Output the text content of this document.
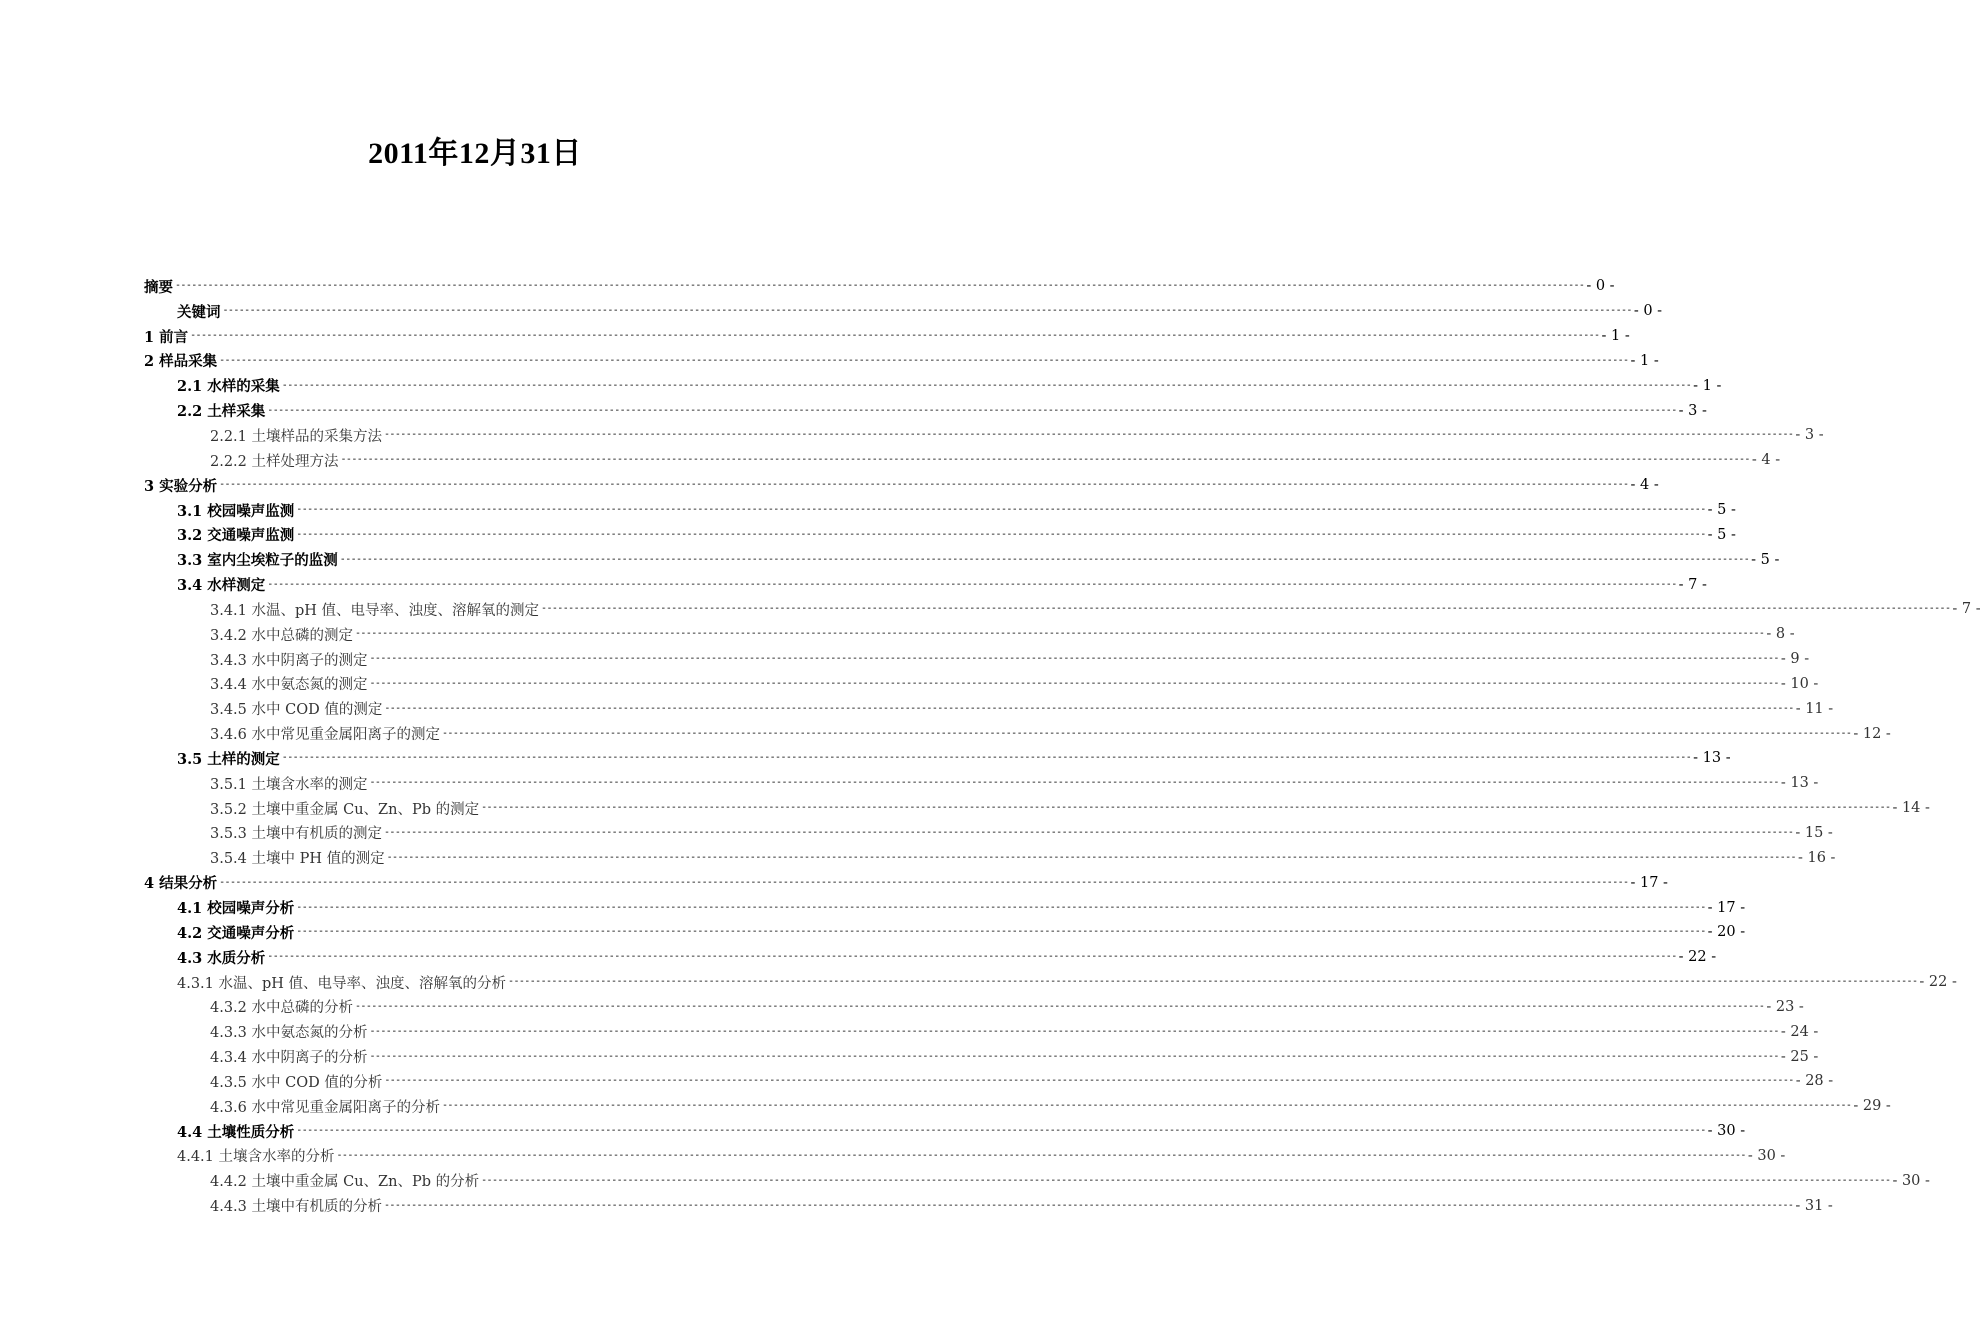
2011年12月31日
摘要 -------------------------------------------------------------------------------------------------------------------------------------------------------------------------------------------------------------------------------------------------------------------- - 0 -
关键词 -------------------------------------------------------------------------------------------------------------------------------------------------------------------------------------------------------------------------------------------------------------------- - 0 -
1 前言 -------------------------------------------------------------------------------------------------------------------------------------------------------------------------------------------------------------------------------------------------------------------- - 1 -
2 样品采集 -------------------------------------------------------------------------------------------------------------------------------------------------------------------------------------------------------------------------------------------------------------------- - 1 -
2.1 水样的采集 -------------------------------------------------------------------------------------------------------------------------------------------------------------------------------------------------------------------------------------------------------------------- - 1 -
2.2 土样采集 -------------------------------------------------------------------------------------------------------------------------------------------------------------------------------------------------------------------------------------------------------------------- - 3 -
2.2.1 土壤样品的采集方法 -------------------------------------------------------------------------------------------------------------------------------------------------------------------------------------------------------------------------------------------------------------------- - 3 -
2.2.2 土样处理方法 -------------------------------------------------------------------------------------------------------------------------------------------------------------------------------------------------------------------------------------------------------------------- - 4 -
3 实验分析 -------------------------------------------------------------------------------------------------------------------------------------------------------------------------------------------------------------------------------------------------------------------- - 4 -
3.1 校园噪声监测 -------------------------------------------------------------------------------------------------------------------------------------------------------------------------------------------------------------------------------------------------------------------- - 5 -
3.2 交通噪声监测 -------------------------------------------------------------------------------------------------------------------------------------------------------------------------------------------------------------------------------------------------------------------- - 5 -
3.3 室内尘埃粒子的监测 -------------------------------------------------------------------------------------------------------------------------------------------------------------------------------------------------------------------------------------------------------------------- - 5 -
3.4 水样测定 -------------------------------------------------------------------------------------------------------------------------------------------------------------------------------------------------------------------------------------------------------------------- - 7 -
3.4.1 水温、pH 值、电导率、浊度、溶解氧的测定 -------------------------------------------------------------------------------------------------------------------------------------------------------------------------------------------------------------------------------------------------------------------- - 7 -
3.4.2 水中总磷的测定 -------------------------------------------------------------------------------------------------------------------------------------------------------------------------------------------------------------------------------------------------------------------- - 8 -
3.4.3 水中阴离子的测定 -------------------------------------------------------------------------------------------------------------------------------------------------------------------------------------------------------------------------------------------------------------------- - 9 -
3.4.4 水中氨态氮的测定 -------------------------------------------------------------------------------------------------------------------------------------------------------------------------------------------------------------------------------------------------------------------- - 10 -
3.4.5 水中 COD 值的测定 -------------------------------------------------------------------------------------------------------------------------------------------------------------------------------------------------------------------------------------------------------------------- - 11 -
3.4.6 水中常见重金属阳离子的测定 -------------------------------------------------------------------------------------------------------------------------------------------------------------------------------------------------------------------------------------------------------------------- - 12 -
3.5 土样的测定 -------------------------------------------------------------------------------------------------------------------------------------------------------------------------------------------------------------------------------------------------------------------- - 13 -
3.5.1 土壤含水率的测定 -------------------------------------------------------------------------------------------------------------------------------------------------------------------------------------------------------------------------------------------------------------------- - 13 -
3.5.2 土壤中重金属 Cu、Zn、Pb 的测定 -------------------------------------------------------------------------------------------------------------------------------------------------------------------------------------------------------------------------------------------------------------------- - 14 -
3.5.3 土壤中有机质的测定 -------------------------------------------------------------------------------------------------------------------------------------------------------------------------------------------------------------------------------------------------------------------- - 15 -
3.5.4 土壤中 PH 值的测定 -------------------------------------------------------------------------------------------------------------------------------------------------------------------------------------------------------------------------------------------------------------------- - 16 -
4 结果分析 -------------------------------------------------------------------------------------------------------------------------------------------------------------------------------------------------------------------------------------------------------------------- - 17 -
4.1 校园噪声分析 -------------------------------------------------------------------------------------------------------------------------------------------------------------------------------------------------------------------------------------------------------------------- - 17 -
4.2 交通噪声分析 -------------------------------------------------------------------------------------------------------------------------------------------------------------------------------------------------------------------------------------------------------------------- - 20 -
4.3 水质分析 -------------------------------------------------------------------------------------------------------------------------------------------------------------------------------------------------------------------------------------------------------------------- - 22 -
4.3.1 水温、pH 值、电导率、浊度、溶解氧的分析 -------------------------------------------------------------------------------------------------------------------------------------------------------------------------------------------------------------------------------------------------------------------- - 22 -
4.3.2 水中总磷的分析 -------------------------------------------------------------------------------------------------------------------------------------------------------------------------------------------------------------------------------------------------------------------- - 23 -
4.3.3 水中氨态氮的分析 -------------------------------------------------------------------------------------------------------------------------------------------------------------------------------------------------------------------------------------------------------------------- - 24 -
4.3.4 水中阴离子的分析 -------------------------------------------------------------------------------------------------------------------------------------------------------------------------------------------------------------------------------------------------------------------- - 25 -
4.3.5 水中 COD 值的分析 -------------------------------------------------------------------------------------------------------------------------------------------------------------------------------------------------------------------------------------------------------------------- - 28 -
4.3.6 水中常见重金属阳离子的分析 -------------------------------------------------------------------------------------------------------------------------------------------------------------------------------------------------------------------------------------------------------------------- - 29 -
4.4 土壤性质分析 -------------------------------------------------------------------------------------------------------------------------------------------------------------------------------------------------------------------------------------------------------------------- - 30 -
4.4.1 土壤含水率的分析 -------------------------------------------------------------------------------------------------------------------------------------------------------------------------------------------------------------------------------------------------------------------- - 30 -
4.4.2 土壤中重金属 Cu、Zn、Pb 的分析 -------------------------------------------------------------------------------------------------------------------------------------------------------------------------------------------------------------------------------------------------------------------- - 30 -
4.4.3 土壤中有机质的分析 -------------------------------------------------------------------------------------------------------------------------------------------------------------------------------------------------------------------------------------------------------------------- - 31 -
